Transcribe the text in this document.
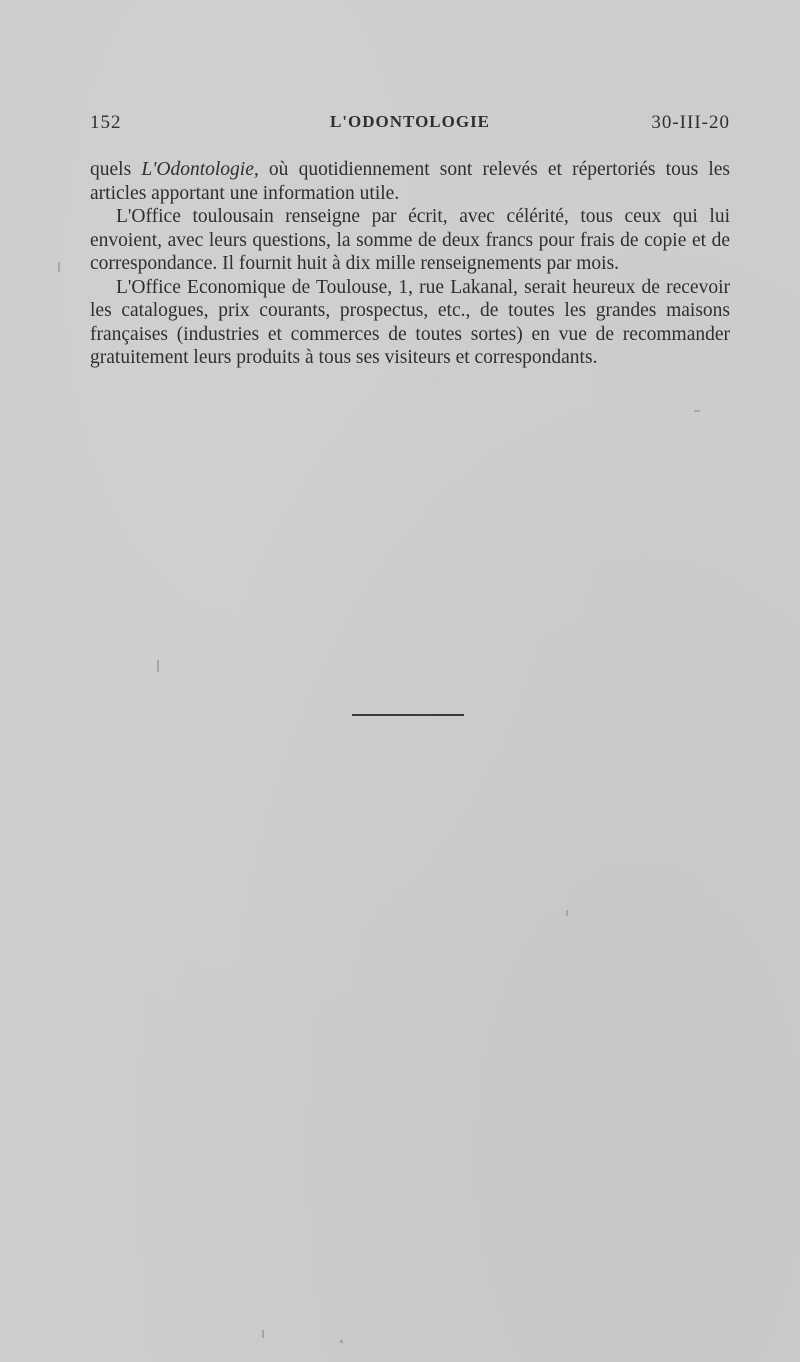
152	L'ODONTOLOGIE	30-III-20

quels L'Odontologie, où quotidiennement sont relevés et répertoriés tous les articles apportant une information utile.

L'Office toulousain renseigne par écrit, avec célérité, tous ceux qui lui envoient, avec leurs questions, la somme de deux francs pour frais de copie et de correspondance. Il fournit huit à dix mille renseignements par mois.

L'Office Economique de Toulouse, 1, rue Lakanal, serait heureux de recevoir les catalogues, prix courants, prospectus, etc., de toutes les grandes maisons françaises (industries et commerces de toutes sortes) en vue de recommander gratuitement leurs produits à tous ses visiteurs et correspondants.
